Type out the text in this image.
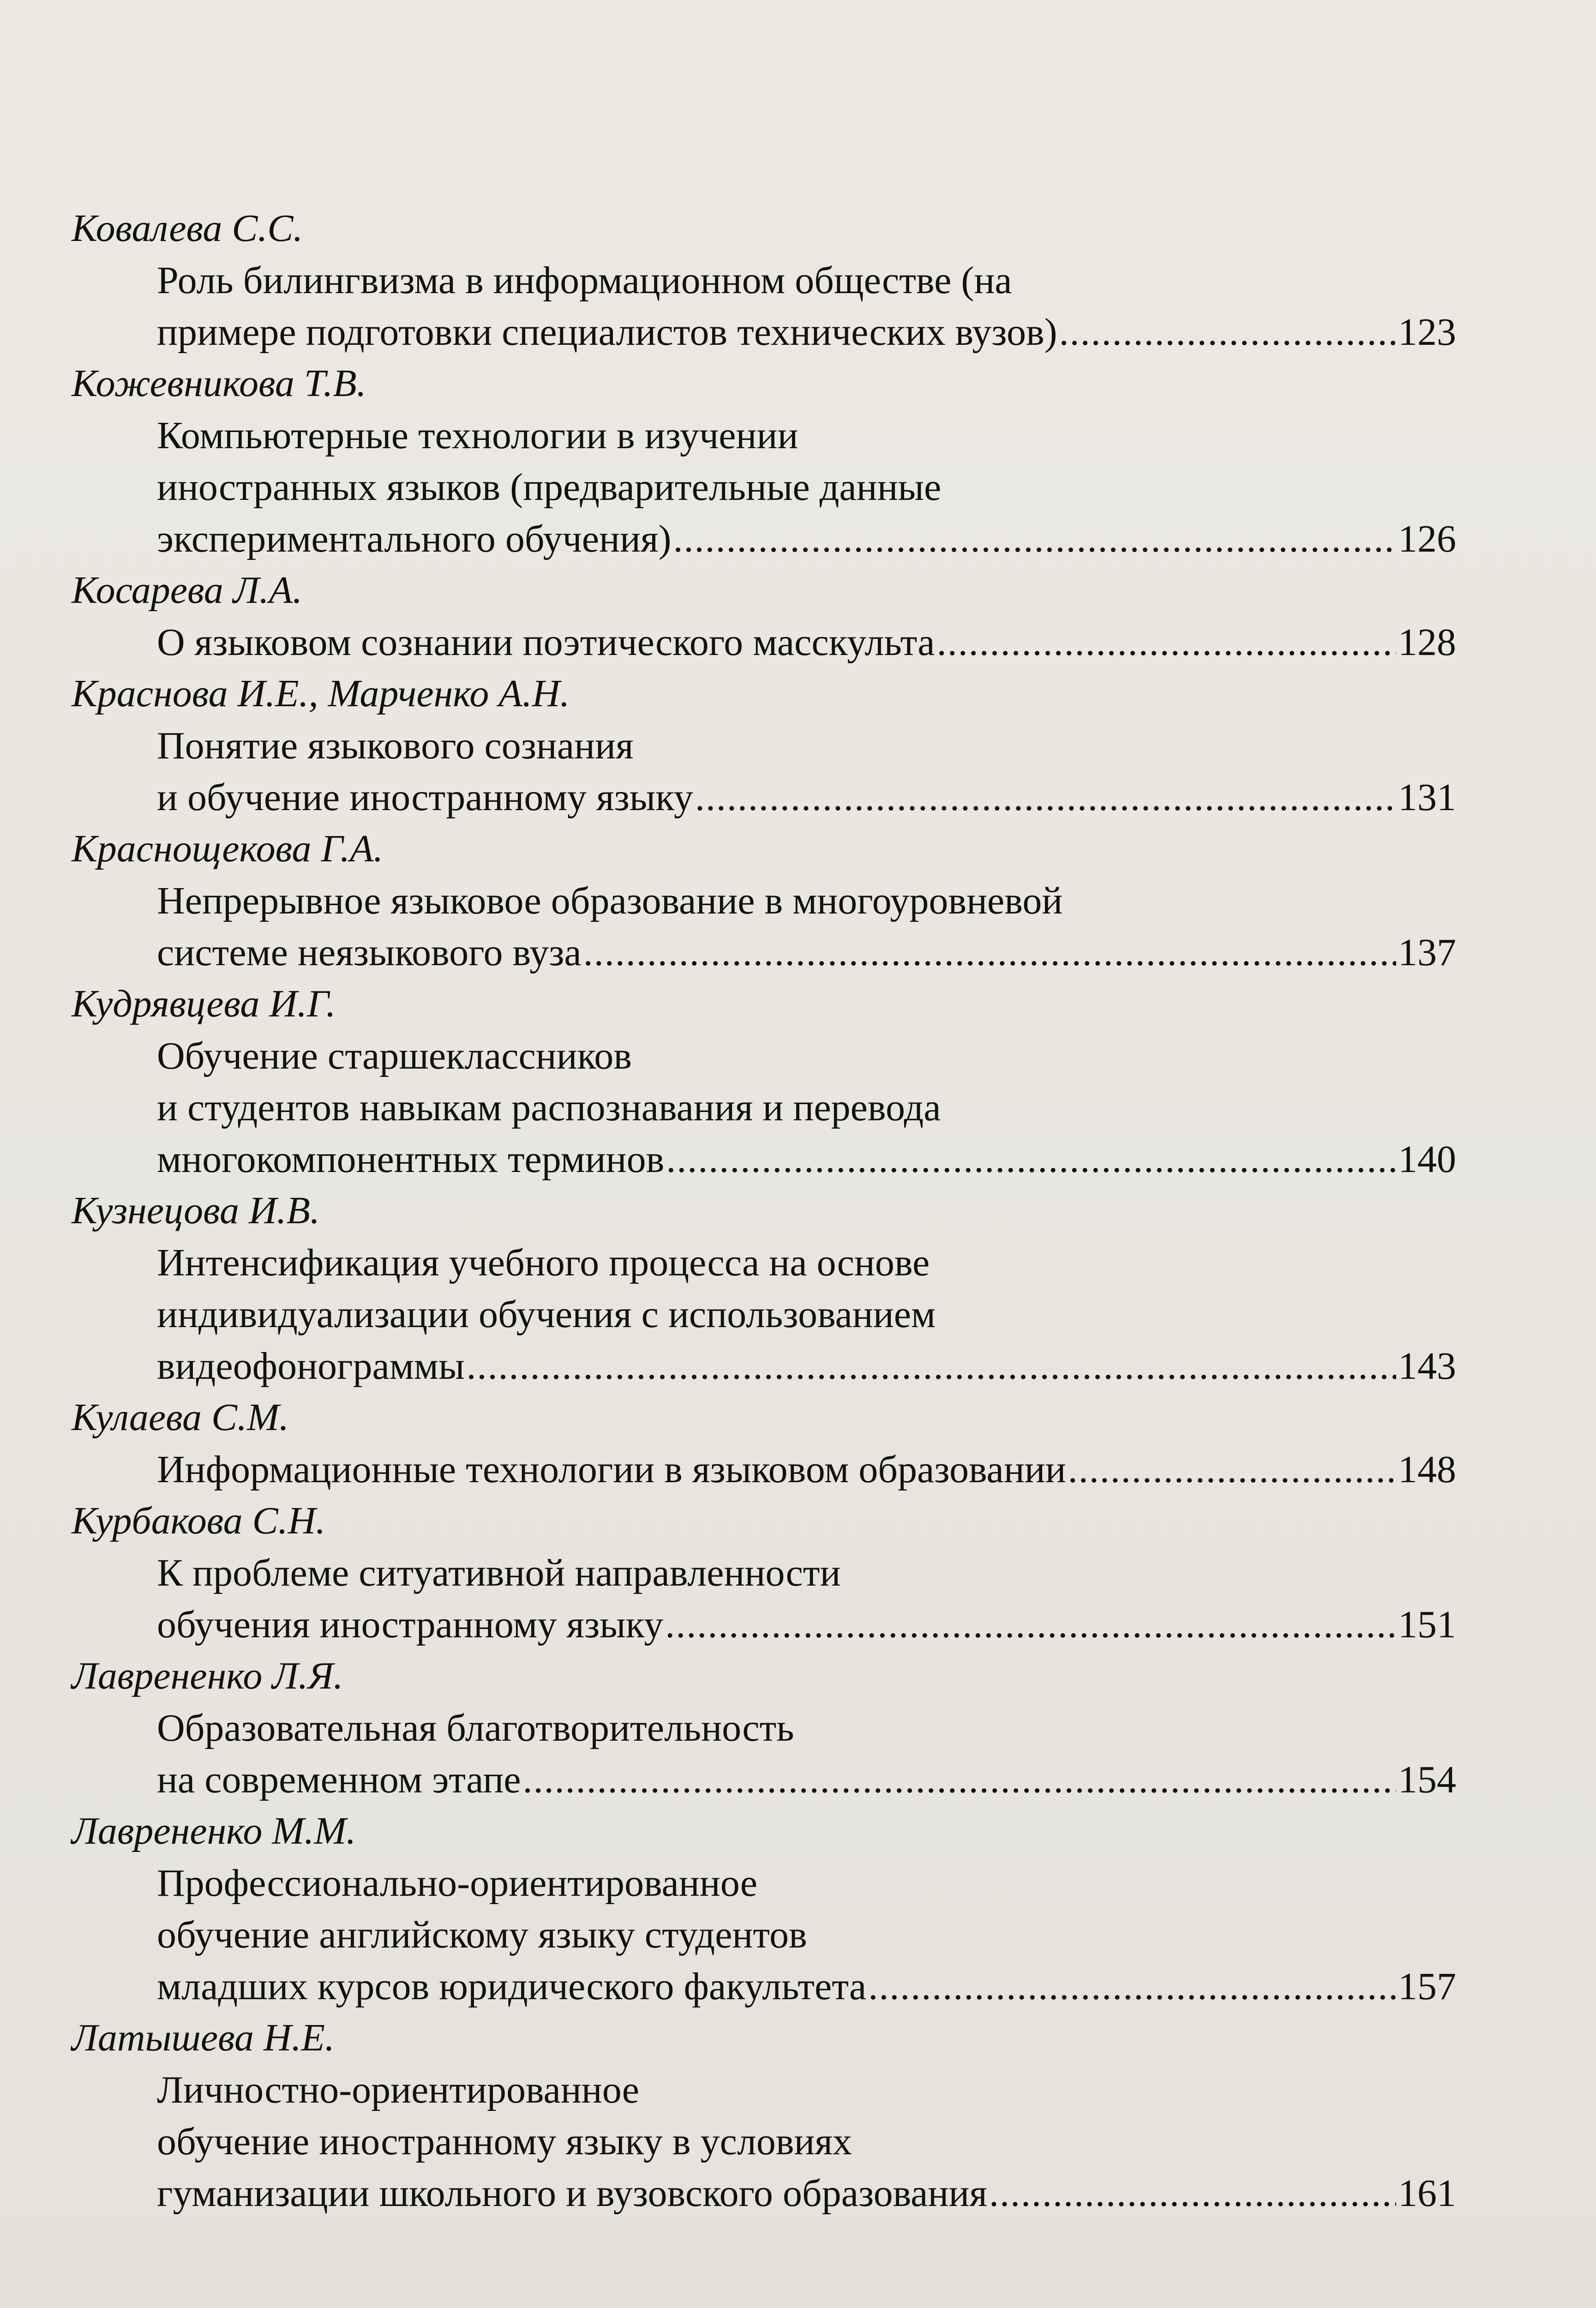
Ковалева С.С.
Роль билингвизма в информационном обществе (на
примере подготовки специалистов технических вузов) .....	123
Кожевникова Т.В.
Компьютерные технологии в изучении
иностранных языков (предварительные данные
экспериментального обучения) .....	126
Косарева Л.А.
О языковом сознании поэтического масскульта .....	128
Краснова И.Е., Марченко А.Н.
Понятие языкового сознания
и обучение иностранному языку .....	131
Краснощекова Г.А.
Непрерывное языковое образование в многоуровневой
системе неязыкового вуза .....	137
Кудрявцева И.Г.
Обучение старшеклассников
и студентов навыкам распознавания и перевода
многокомпонентных терминов .....	140
Кузнецова И.В.
Интенсификация учебного процесса на основе
индивидуализации обучения с использованием
видеофонограммы .....	143
Кулаева С.М.
Информационные технологии в языковом образовании .....	148
Курбакова С.Н.
К проблеме ситуативной направленности
обучения иностранному языку .....	151
Лаврененко Л.Я.
Образовательная благотворительность
на современном этапе .....	154
Лаврененко М.М.
Профессионально-ориентированное
обучение английскому языку студентов
младших курсов юридического факультета .....	157
Латышева Н.Е.
Личностно-ориентированное
обучение иностранному языку в условиях
гуманизации школьного и вузовского образования .....	161
